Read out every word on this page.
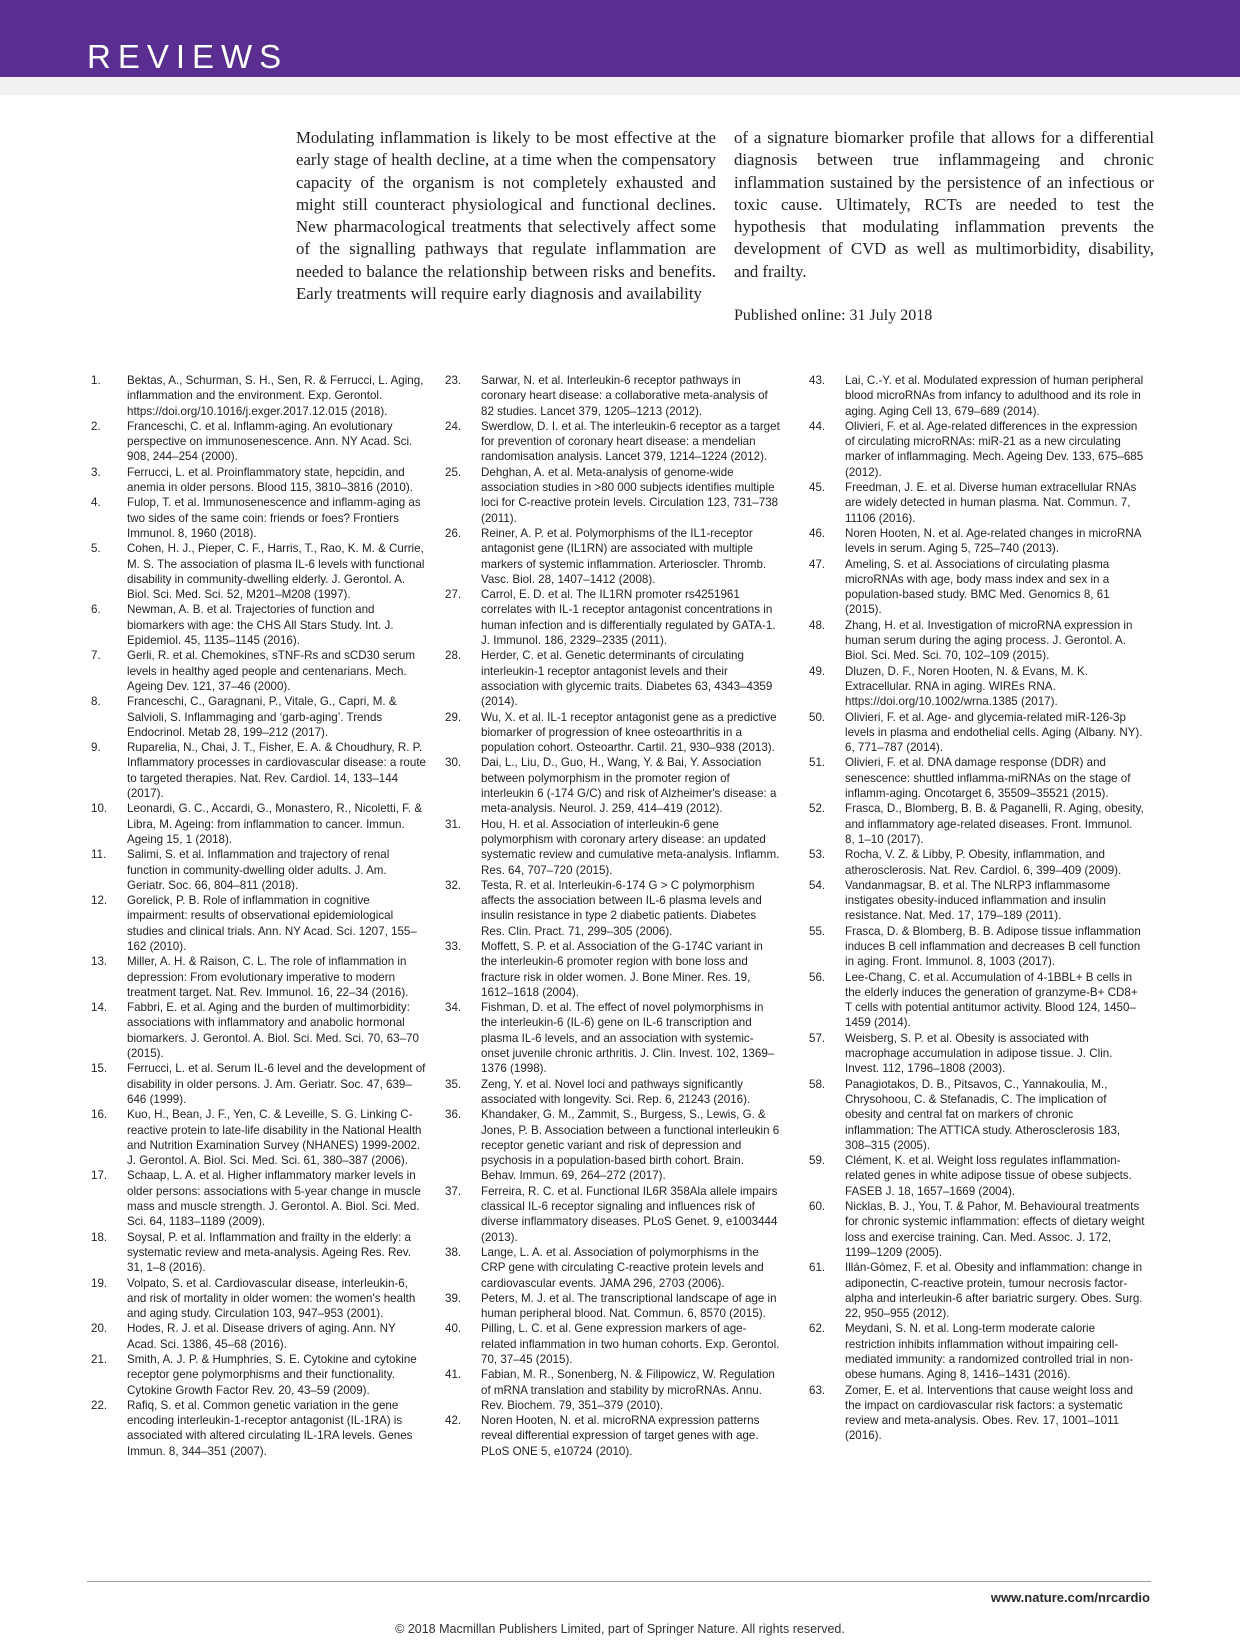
REVIEWS

Modulating inflammation is likely to be most effective at the early stage of health decline, at a time when the compensatory capacity of the organism is not completely exhausted and might still counteract physiological and functional declines. New pharmacological treatments that selectively affect some of the signalling pathways that regulate inflammation are needed to balance the relationship between risks and benefits. Early treatments will require early diagnosis and availability

of a signature biomarker profile that allows for a differential diagnosis between true inflammageing and chronic inflammation sustained by the persistence of an infectious or toxic cause. Ultimately, RCTs are needed to test the hypothesis that modulating inflammation prevents the development of CVD as well as multimorbidity, disability, and frailty.

Published online: 31 July 2018
1.	Bektas, A., Schurman, S. H., Sen, R. & Ferrucci, L. Aging, inflammation and the environment. Exp. Gerontol. https://doi.org/10.1016/j.exger.2017.12.015 (2018).
2.	Franceschi, C. et al. Inflamm-aging. An evolutionary perspective on immunosenescence. Ann. NY Acad. Sci. 908, 244–254 (2000).
3.	Ferrucci, L. et al. Proinflammatory state, hepcidin, and anemia in older persons. Blood 115, 3810–3816 (2010).
4.	Fulop, T. et al. Immunosenescence and inflamm-aging as two sides of the same coin: friends or foes? Frontiers Immunol. 8, 1960 (2018).
5.	Cohen, H. J., Pieper, C. F., Harris, T., Rao, K. M. & Currie, M. S. The association of plasma IL-6 levels with functional disability in community-dwelling elderly. J. Gerontol. A. Biol. Sci. Med. Sci. 52, M201–M208 (1997).
6.	Newman, A. B. et al. Trajectories of function and biomarkers with age: the CHS All Stars Study. Int. J. Epidemiol. 45, 1135–1145 (2016).
7.	Gerli, R. et al. Chemokines, sTNF-Rs and sCD30 serum levels in healthy aged people and centenarians. Mech. Ageing Dev. 121, 37–46 (2000).
8.	Franceschi, C., Garagnani, P., Vitale, G., Capri, M. & Salvioli, S. Inflammaging and ‘garb-aging’. Trends Endocrinol. Metab 28, 199–212 (2017).
9.	Ruparelia, N., Chai, J. T., Fisher, E. A. & Choudhury, R. P. Inflammatory processes in cardiovascular disease: a route to targeted therapies. Nat. Rev. Cardiol. 14, 133–144 (2017).
10.	Leonardi, G. C., Accardi, G., Monastero, R., Nicoletti, F. & Libra, M. Ageing: from inflammation to cancer. Immun. Ageing 15, 1 (2018).
11.	Salimi, S. et al. Inflammation and trajectory of renal function in community-dwelling older adults. J. Am. Geriatr. Soc. 66, 804–811 (2018).
12.	Gorelick, P. B. Role of inflammation in cognitive impairment: results of observational epidemiological studies and clinical trials. Ann. NY Acad. Sci. 1207, 155–162 (2010).
13.	Miller, A. H. & Raison, C. L. The role of inflammation in depression: From evolutionary imperative to modern treatment target. Nat. Rev. Immunol. 16, 22–34 (2016).
14.	Fabbri, E. et al. Aging and the burden of multimorbidity: associations with inflammatory and anabolic hormonal biomarkers. J. Gerontol. A. Biol. Sci. Med. Sci. 70, 63–70 (2015).
15.	Ferrucci, L. et al. Serum IL-6 level and the development of disability in older persons. J. Am. Geriatr. Soc. 47, 639–646 (1999).
16.	Kuo, H., Bean, J. F., Yen, C. & Leveille, S. G. Linking C-reactive protein to late-life disability in the National Health and Nutrition Examination Survey (NHANES) 1999-2002. J. Gerontol. A. Biol. Sci. Med. Sci. 61, 380–387 (2006).
17.	Schaap, L. A. et al. Higher inflammatory marker levels in older persons: associations with 5-year change in muscle mass and muscle strength. J. Gerontol. A. Biol. Sci. Med. Sci. 64, 1183–1189 (2009).
18.	Soysal, P. et al. Inflammation and frailty in the elderly: a systematic review and meta-analysis. Ageing Res. Rev. 31, 1–8 (2016).
19.	Volpato, S. et al. Cardiovascular disease, interleukin-6, and risk of mortality in older women: the women's health and aging study. Circulation 103, 947–953 (2001).
20.	Hodes, R. J. et al. Disease drivers of aging. Ann. NY Acad. Sci. 1386, 45–68 (2016).
21.	Smith, A. J. P. & Humphries, S. E. Cytokine and cytokine receptor gene polymorphisms and their functionality. Cytokine Growth Factor Rev. 20, 43–59 (2009).
22.	Rafiq, S. et al. Common genetic variation in the gene encoding interleukin-1-receptor antagonist (IL-1RA) is associated with altered circulating IL-1RA levels. Genes Immun. 8, 344–351 (2007).
23.	Sarwar, N. et al. Interleukin-6 receptor pathways in coronary heart disease: a collaborative meta-analysis of 82 studies. Lancet 379, 1205–1213 (2012).
24.	Swerdlow, D. I. et al. The interleukin-6 receptor as a target for prevention of coronary heart disease: a mendelian randomisation analysis. Lancet 379, 1214–1224 (2012).
25.	Dehghan, A. et al. Meta-analysis of genome-wide association studies in >80 000 subjects identifies multiple loci for C-reactive protein levels. Circulation 123, 731–738 (2011).
26.	Reiner, A. P. et al. Polymorphisms of the IL1-receptor antagonist gene (IL1RN) are associated with multiple markers of systemic inflammation. Arterioscler. Thromb. Vasc. Biol. 28, 1407–1412 (2008).
27.	Carrol, E. D. et al. The IL1RN promoter rs4251961 correlates with IL-1 receptor antagonist concentrations in human infection and is differentially regulated by GATA-1. J. Immunol. 186, 2329–2335 (2011).
28.	Herder, C. et al. Genetic determinants of circulating interleukin-1 receptor antagonist levels and their association with glycemic traits. Diabetes 63, 4343–4359 (2014).
29.	Wu, X. et al. IL-1 receptor antagonist gene as a predictive biomarker of progression of knee osteoarthritis in a population cohort. Osteoarthr. Cartil. 21, 930–938 (2013).
30.	Dai, L., Liu, D., Guo, H., Wang, Y. & Bai, Y. Association between polymorphism in the promoter region of interleukin 6 (-174 G/C) and risk of Alzheimer's disease: a meta-analysis. Neurol. J. 259, 414–419 (2012).
31.	Hou, H. et al. Association of interleukin-6 gene polymorphism with coronary artery disease: an updated systematic review and cumulative meta-analysis. Inflamm. Res. 64, 707–720 (2015).
32.	Testa, R. et al. Interleukin-6-174 G > C polymorphism affects the association between IL-6 plasma levels and insulin resistance in type 2 diabetic patients. Diabetes Res. Clin. Pract. 71, 299–305 (2006).
33.	Moffett, S. P. et al. Association of the G-174C variant in the interleukin-6 promoter region with bone loss and fracture risk in older women. J. Bone Miner. Res. 19, 1612–1618 (2004).
34.	Fishman, D. et al. The effect of novel polymorphisms in the interleukin-6 (IL-6) gene on IL-6 transcription and plasma IL-6 levels, and an association with systemic-onset juvenile chronic arthritis. J. Clin. Invest. 102, 1369–1376 (1998).
35.	Zeng, Y. et al. Novel loci and pathways significantly associated with longevity. Sci. Rep. 6, 21243 (2016).
36.	Khandaker, G. M., Zammit, S., Burgess, S., Lewis, G. & Jones, P. B. Association between a functional interleukin 6 receptor genetic variant and risk of depression and psychosis in a population-based birth cohort. Brain. Behav. Immun. 69, 264–272 (2017).
37.	Ferreira, R. C. et al. Functional IL6R 358Ala allele impairs classical IL-6 receptor signaling and influences risk of diverse inflammatory diseases. PLoS Genet. 9, e1003444 (2013).
38.	Lange, L. A. et al. Association of polymorphisms in the CRP gene with circulating C-reactive protein levels and cardiovascular events. JAMA 296, 2703 (2006).
39.	Peters, M. J. et al. The transcriptional landscape of age in human peripheral blood. Nat. Commun. 6, 8570 (2015).
40.	Pilling, L. C. et al. Gene expression markers of age-related inflammation in two human cohorts. Exp. Gerontol. 70, 37–45 (2015).
41.	Fabian, M. R., Sonenberg, N. & Filipowicz, W. Regulation of mRNA translation and stability by microRNAs. Annu. Rev. Biochem. 79, 351–379 (2010).
42.	Noren Hooten, N. et al. microRNA expression patterns reveal differential expression of target genes with age. PLoS ONE 5, e10724 (2010).
43.	Lai, C.-Y. et al. Modulated expression of human peripheral blood microRNAs from infancy to adulthood and its role in aging. Aging Cell 13, 679–689 (2014).
44.	Olivieri, F. et al. Age-related differences in the expression of circulating microRNAs: miR-21 as a new circulating marker of inflammaging. Mech. Ageing Dev. 133, 675–685 (2012).
45.	Freedman, J. E. et al. Diverse human extracellular RNAs are widely detected in human plasma. Nat. Commun. 7, 11106 (2016).
46.	Noren Hooten, N. et al. Age-related changes in microRNA levels in serum. Aging 5, 725–740 (2013).
47.	Ameling, S. et al. Associations of circulating plasma microRNAs with age, body mass index and sex in a population-based study. BMC Med. Genomics 8, 61 (2015).
48.	Zhang, H. et al. Investigation of microRNA expression in human serum during the aging process. J. Gerontol. A. Biol. Sci. Med. Sci. 70, 102–109 (2015).
49.	Dluzen, D. F., Noren Hooten, N. & Evans, M. K. Extracellular. RNA in aging. WIREs RNA. https://doi.org/10.1002/wrna.1385 (2017).
50.	Olivieri, F. et al. Age- and glycemia-related miR-126-3p levels in plasma and endothelial cells. Aging (Albany. NY). 6, 771–787 (2014).
51.	Olivieri, F. et al. DNA damage response (DDR) and senescence: shuttled inflamma-miRNAs on the stage of inflamm-aging. Oncotarget 6, 35509–35521 (2015).
52.	Frasca, D., Blomberg, B. B. & Paganelli, R. Aging, obesity, and inflammatory age-related diseases. Front. Immunol. 8, 1–10 (2017).
53.	Rocha, V. Z. & Libby, P. Obesity, inflammation, and atherosclerosis. Nat. Rev. Cardiol. 6, 399–409 (2009).
54.	Vandanmagsar, B. et al. The NLRP3 inflammasome instigates obesity-induced inflammation and insulin resistance. Nat. Med. 17, 179–189 (2011).
55.	Frasca, D. & Blomberg, B. B. Adipose tissue inflammation induces B cell inflammation and decreases B cell function in aging. Front. Immunol. 8, 1003 (2017).
56.	Lee-Chang, C. et al. Accumulation of 4-1BBL+ B cells in the elderly induces the generation of granzyme-B+ CD8+ T cells with potential antitumor activity. Blood 124, 1450–1459 (2014).
57.	Weisberg, S. P. et al. Obesity is associated with macrophage accumulation in adipose tissue. J. Clin. Invest. 112, 1796–1808 (2003).
58.	Panagiotakos, D. B., Pitsavos, C., Yannakoulia, M., Chrysohoou, C. & Stefanadis, C. The implication of obesity and central fat on markers of chronic inflammation: The ATTICA study. Atherosclerosis 183, 308–315 (2005).
59.	Clément, K. et al. Weight loss regulates inflammation-related genes in white adipose tissue of obese subjects. FASEB J. 18, 1657–1669 (2004).
60.	Nicklas, B. J., You, T. & Pahor, M. Behavioural treatments for chronic systemic inflammation: effects of dietary weight loss and exercise training. Can. Med. Assoc. J. 172, 1199–1209 (2005).
61.	Illán-Gómez, F. et al. Obesity and inflammation: change in adiponectin, C-reactive protein, tumour necrosis factor-alpha and interleukin-6 after bariatric surgery. Obes. Surg. 22, 950–955 (2012).
62.	Meydani, S. N. et al. Long-term moderate calorie restriction inhibits inflammation without impairing cell-mediated immunity: a randomized controlled trial in non-obese humans. Aging 8, 1416–1431 (2016).
63.	Zomer, E. et al. Interventions that cause weight loss and the impact on cardiovascular risk factors: a systematic review and meta-analysis. Obes. Rev. 17, 1001–1011 (2016).
www.nature.com/nrcardio
© 2018 Macmillan Publishers Limited, part of Springer Nature. All rights reserved.
